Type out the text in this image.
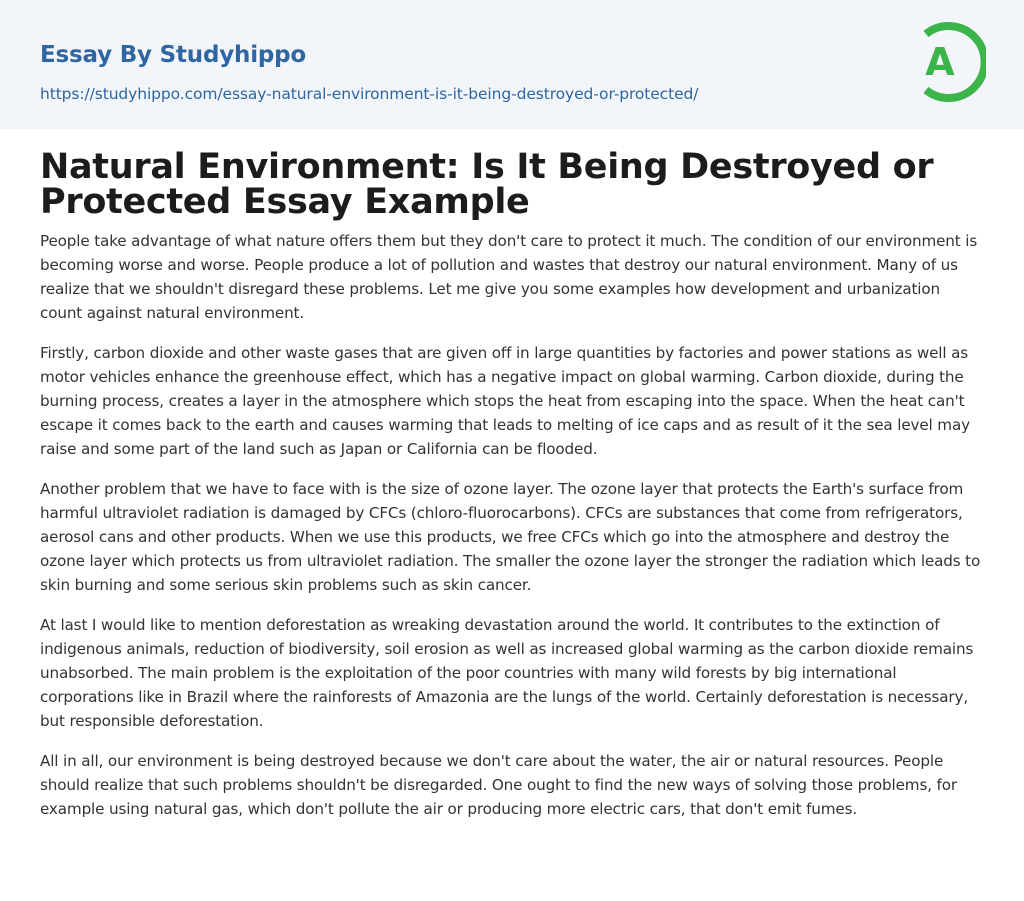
Essay By Studyhippo
https://studyhippo.com/essay-natural-environment-is-it-being-destroyed-or-protected/
A
Natural Environment: Is It Being Destroyed or Protected Essay Example

People take advantage of what nature offers them but they don't care to protect it much. The condition of our environment is becoming worse and worse. People produce a lot of pollution and wastes that destroy our natural environment. Many of us realize that we shouldn't disregard these problems. Let me give you some examples how development and urbanization count against natural environment.

Firstly, carbon dioxide and other waste gases that are given off in large quantities by factories and power stations as well as motor vehicles enhance the greenhouse effect, which has a negative impact on global warming. Carbon dioxide, during the burning process, creates a layer in the atmosphere which stops the heat from escaping into the space. When the heat can't escape it comes back to the earth and causes warming that leads to melting of ice caps and as result of it the sea level may raise and some part of the land such as Japan or California can be flooded.

Another problem that we have to face with is the size of ozone layer. The ozone layer that protects the Earth's surface from harmful ultraviolet radiation is damaged by CFCs (chloro-fluorocarbons). CFCs are substances that come from refrigerators, aerosol cans and other products. When we use this products, we free CFCs which go into the atmosphere and destroy the ozone layer which protects us from ultraviolet radiation. The smaller the ozone layer the stronger the radiation which leads to skin burning and some serious skin problems such as skin cancer.

At last I would like to mention deforestation as wreaking devastation around the world. It contributes to the extinction of indigenous animals, reduction of biodiversity, soil erosion as well as increased global warming as the carbon dioxide remains unabsorbed. The main problem is the exploitation of the poor countries with many wild forests by big international corporations like in Brazil where the rainforests of Amazonia are the lungs of the world. Certainly deforestation is necessary, but responsible deforestation.

All in all, our environment is being destroyed because we don't care about the water, the air or natural resources. People should realize that such problems shouldn't be disregarded. One ought to find the new ways of solving those problems, for example using natural gas, which don't pollute the air or producing more electric cars, that don't emit fumes.
